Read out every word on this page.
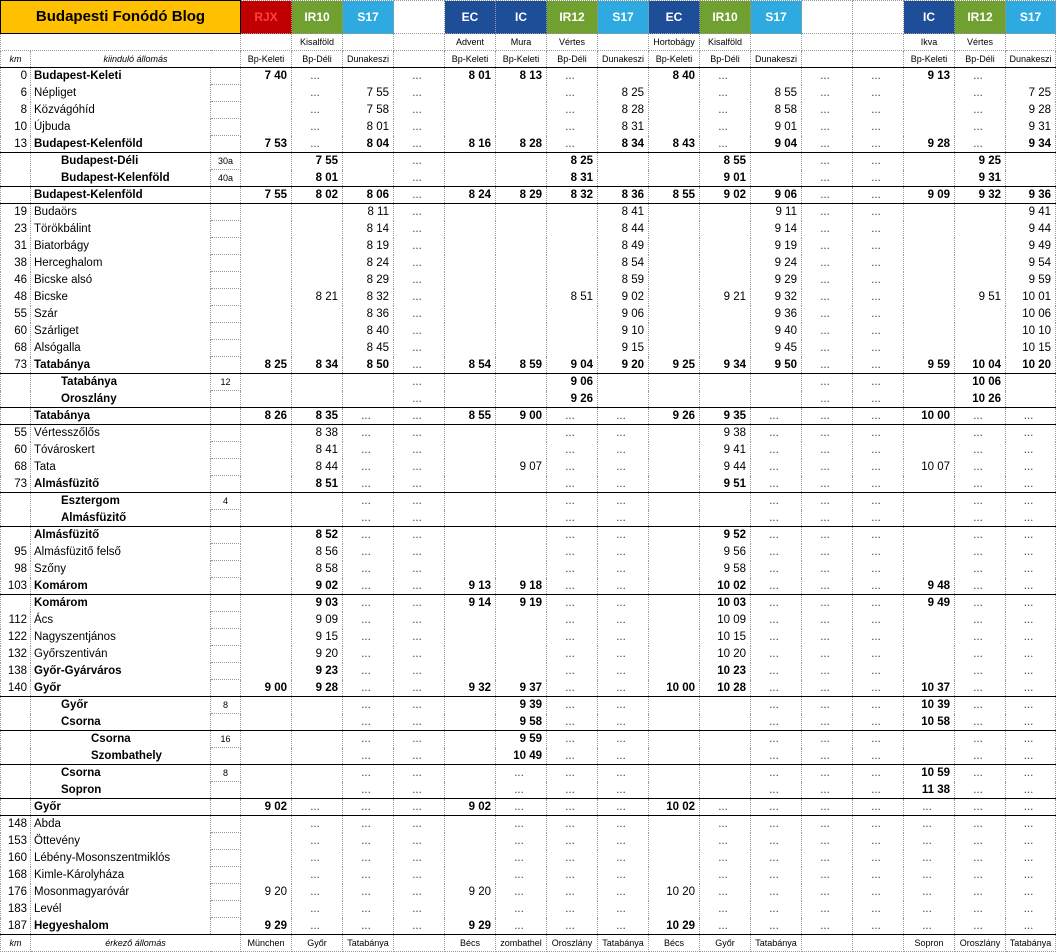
Budapesti Fonódó Blog			RJX	IR10	S17		EC	IC	IR12	S17	EC	IR10	S17			IC	IR12	S17
				Kisalföld			Advent	Mura	Vértes		Hortobágy	Kisalföld				Ikva	Vértes	
km	kiinduló állomás		Bp-Keleti	Bp-Déli	Dunakeszi		Bp-Keleti	Bp-Keleti	Bp-Déli	Dunakeszi	Bp-Keleti	Bp-Déli	Dunakeszi			Bp-Keleti	Bp-Déli	Dunakeszi
0	Budapest-Keleti		7 40	...		...	8 01	8 13	...		8 40	...		...	...	9 13	...	
6	Népliget			...	7 55	...			...	8 25		...	8 55	...	...		...	7 25
8	Közvágóhíd			...	7 58	...			...	8 28		...	8 58	...	...		...	9 28
10	Újbuda			...	8 01	...			...	8 31		...	9 01	...	...		...	9 31
13	Budapest-Kelenföld		7 53	...	8 04	...	8 16	8 28	...	8 34	8 43	...	9 04	...	...	9 28	...	9 34
	Budapest-Déli	30a		7 55		...			8 25			8 55		...	...		9 25	
	Budapest-Kelenföld	40a		8 01		...			8 31			9 01		...	...		9 31	
	Budapest-Kelenföld		7 55	8 02	8 06	...	8 24	8 29	8 32	8 36	8 55	9 02	9 06	...	...	9 09	9 32	9 36
19	Budaörs				8 11	...				8 41			9 11	...	...			9 41
23	Törökbálint				8 14	...				8 44			9 14	...	...			9 44
31	Biatorbágy				8 19	...				8 49			9 19	...	...			9 49
38	Herceghalom				8 24	...				8 54			9 24	...	...			9 54
46	Bicske alsó				8 29	...				8 59			9 29	...	...			9 59
48	Bicske			8 21	8 32	...			8 51	9 02		9 21	9 32	...	...		9 51	10 01
55	Szár				8 36	...				9 06			9 36	...	...			10 06
60	Szárliget				8 40	...				9 10			9 40	...	...			10 10
68	Alsógalla				8 45	...				9 15			9 45	...	...			10 15
73	Tatabánya		8 25	8 34	8 50	...	8 54	8 59	9 04	9 20	9 25	9 34	9 50	...	...	9 59	10 04	10 20
	Tatabánya	12				...			9 06					...	...		10 06	
	Oroszlány					...			9 26					...	...		10 26	
	Tatabánya		8 26	8 35	...	...	8 55	9 00	...	...	9 26	9 35	...	...	...	10 00	...	...
55	Vértesszőlős			8 38	...	...			...	...		9 38	...	...	...		...	...
60	Tóvároskert			8 41	...	...			...	...		9 41	...	...	...		...	...
68	Tata			8 44	...	...		9 07	...	...		9 44	...	...	...	10 07	...	...
73	Almásfüzitő			8 51	...	...			...	...		9 51	...	...	...		...	...
	Esztergom	4			...	...			...	...			...	...	...		...	...
	Almásfüzitő				...	...			...	...			...	...	...		...	...
	Almásfüzitő			8 52	...	...			...	...		9 52	...	...	...		...	...
95	Almásfüzitő felső			8 56	...	...			...	...		9 56	...	...	...		...	...
98	Szőny			8 58	...	...			...	...		9 58	...	...	...		...	...
103	Komárom			9 02	...	...	9 13	9 18	...	...		10 02	...	...	...	9 48	...	...
	Komárom			9 03	...	...	9 14	9 19	...	...		10 03	...	...	...	9 49	...	...
112	Ács			9 09	...	...			...	...		10 09	...	...	...		...	...
122	Nagyszentjános			9 15	...	...			...	...		10 15	...	...	...		...	...
132	Győrszentiván			9 20	...	...			...	...		10 20	...	...	...		...	...
138	Győr-Gyárváros			9 23	...	...			...	...		10 23	...	...	...		...	...
140	Győr		9 00	9 28	...	...	9 32	9 37	...	...	10 00	10 28	...	...	...	10 37	...	...
	Győr	8			...	...		9 39	...	...			...	...	...	10 39	...	...
	Csorna				...	...		9 58	...	...			...	...	...	10 58	...	...
	Csorna	16			...	...		9 59	...	...			...	...	...		...	...
	Szombathely				...	...		10 49	...	...			...	...	...		...	...
	Csorna	8			...	...		...	...	...			...	...	...	10 59	...	...
	Sopron				...	...		...	...	...			...	...	...	11 38	...	...
	Győr		9 02	...	...	...	9 02	...	...	...	10 02	...	...	...	...	...	...	...
148	Abda			...	...	...		...	...	...		...	...	...	...	...	...	...
153	Öttevény			...	...	...		...	...	...		...	...	...	...	...	...	...
160	Lébény-Mosonszentmiklós			...	...	...		...	...	...		...	...	...	...	...	...	...
168	Kimle-Károlyháza			...	...	...		...	...	...		...	...	...	...	...	...	...
176	Mosonmagyaróvár		9 20	...	...	...	9 20	...	...	...	10 20	...	...	...	...	...	...	...
183	Levél			...	...	...		...	...	...		...	...	...	...	...	...	...
187	Hegyeshalom		9 29	...	...	...	9 29	...	...	...	10 29	...	...	...	...	...	...	...
km	érkező állomás		München	Győr	Tatabánya		Bécs	zombathel	Oroszlány	Tatabánya	Bécs	Győr	Tatabánya			Sopron	Oroszlány	Tatabánya
